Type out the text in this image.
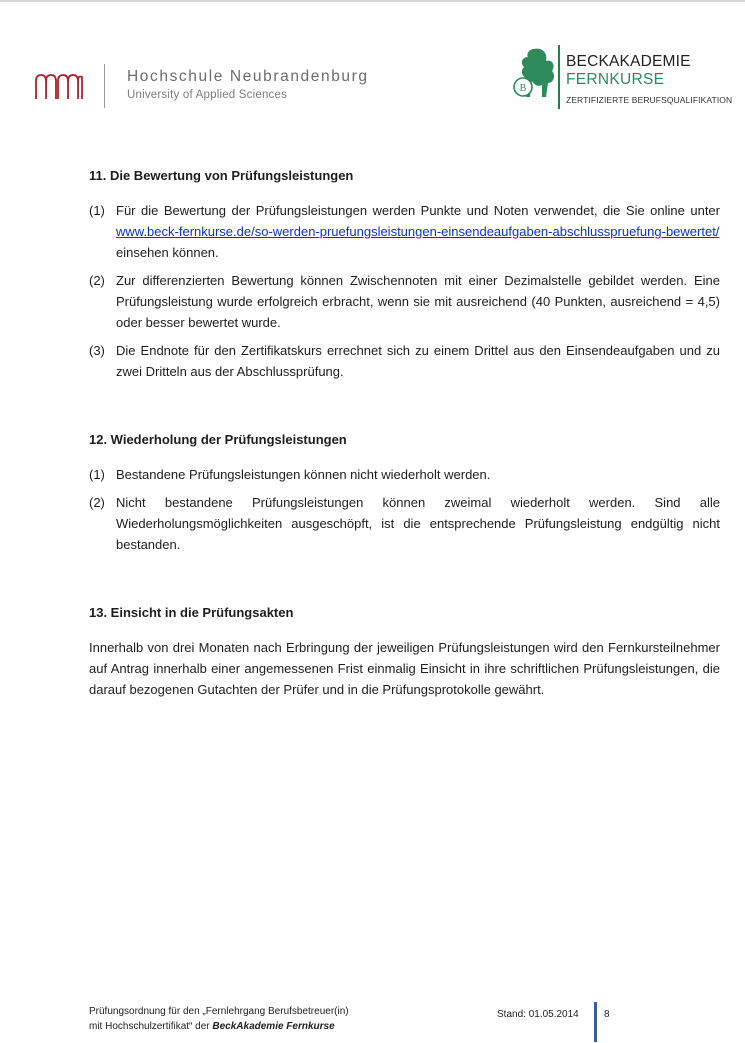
Hochschule Neubrandenburg
University of Applied Sciences
B
BECKAKADEMIE
FERNKURSE
ZERTIFIZIERTE BERUFSQUALIFIKATION
11. Die Bewertung von Prüfungsleistungen
(1) Für die Bewertung der Prüfungsleistungen werden Punkte und Noten verwendet, die Sie online unter www.beck-fernkurse.de/so-werden-pruefungsleistungen-einsendeaufgaben-abschlusspruefung-bewertet/ einsehen können.
(2) Zur differenzierten Bewertung können Zwischennoten mit einer Dezimalstelle gebildet werden. Eine Prüfungsleistung wurde erfolgreich erbracht, wenn sie mit ausreichend (40 Punkten, ausreichend = 4,5) oder besser bewertet wurde.
(3) Die Endnote für den Zertifikatskurs errechnet sich zu einem Drittel aus den Einsendeaufgaben und zu zwei Dritteln aus der Abschlussprüfung.
12. Wiederholung der Prüfungsleistungen
(1) Bestandene Prüfungsleistungen können nicht wiederholt werden.
(2) Nicht bestandene Prüfungsleistungen können zweimal wiederholt werden. Sind alle Wiederholungsmöglichkeiten ausgeschöpft, ist die entsprechende Prüfungsleistung endgültig nicht bestanden.
13. Einsicht in die Prüfungsakten

Innerhalb von drei Monaten nach Erbringung der jeweiligen Prüfungsleistungen wird den Fernkursteilnehmer auf Antrag innerhalb einer angemessenen Frist einmalig Einsicht in ihre schriftlichen Prüfungsleistungen, die darauf bezogenen Gutachten der Prüfer und in die Prüfungsprotokolle gewährt.

Prüfungsordnung für den „Fernlehrgang Berufsbetreuer(in)
mit Hochschulzertifikat“ der BeckAkademie Fernkurse
Stand: 01.05.2014	8
